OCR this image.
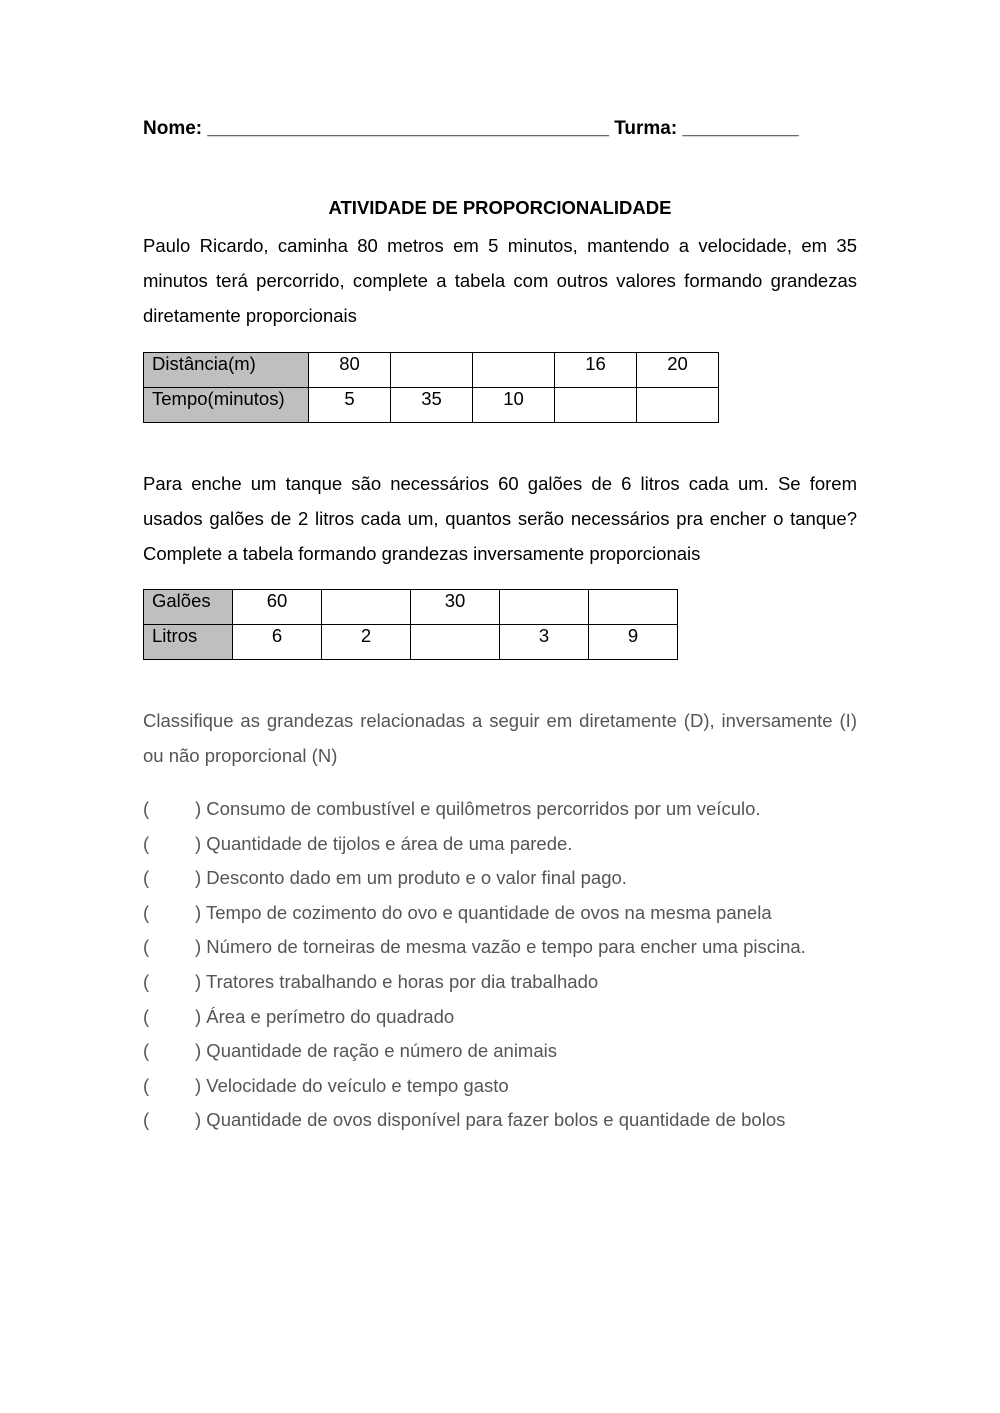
Nome: ______________________________________ Turma: ___________
ATIVIDADE DE PROPORCIONALIDADE
Paulo Ricardo, caminha 80 metros em 5 minutos, mantendo a velocidade, em 35 minutos terá percorrido, complete a tabela com outros valores formando grandezas diretamente proporcionais
Distância(m)	80			16	20
Tempo(minutos)	5	35	10		
Para enche um tanque são necessários 60 galões de 6 litros cada um. Se forem usados galões de 2 litros cada um, quantos serão necessários pra encher o tanque? Complete a tabela formando grandezas inversamente proporcionais
Galões	60		30		
Litros	6	2		3	9
Classifique as grandezas relacionadas a seguir em diretamente (D), inversamente (I) ou não proporcional (N)
( ) Consumo de combustível e quilômetros percorridos por um veículo.
( ) Quantidade de tijolos e área de uma parede.
( ) Desconto dado em um produto e o valor final pago.
( ) Tempo de cozimento do ovo e quantidade de ovos na mesma panela
( ) Número de torneiras de mesma vazão e tempo para encher uma piscina.
( ) Tratores trabalhando e horas por dia trabalhado
( ) Área e perímetro do quadrado
( ) Quantidade de ração e número de animais
( ) Velocidade do veículo e tempo gasto
( ) Quantidade de ovos disponível para fazer bolos e quantidade de bolos
